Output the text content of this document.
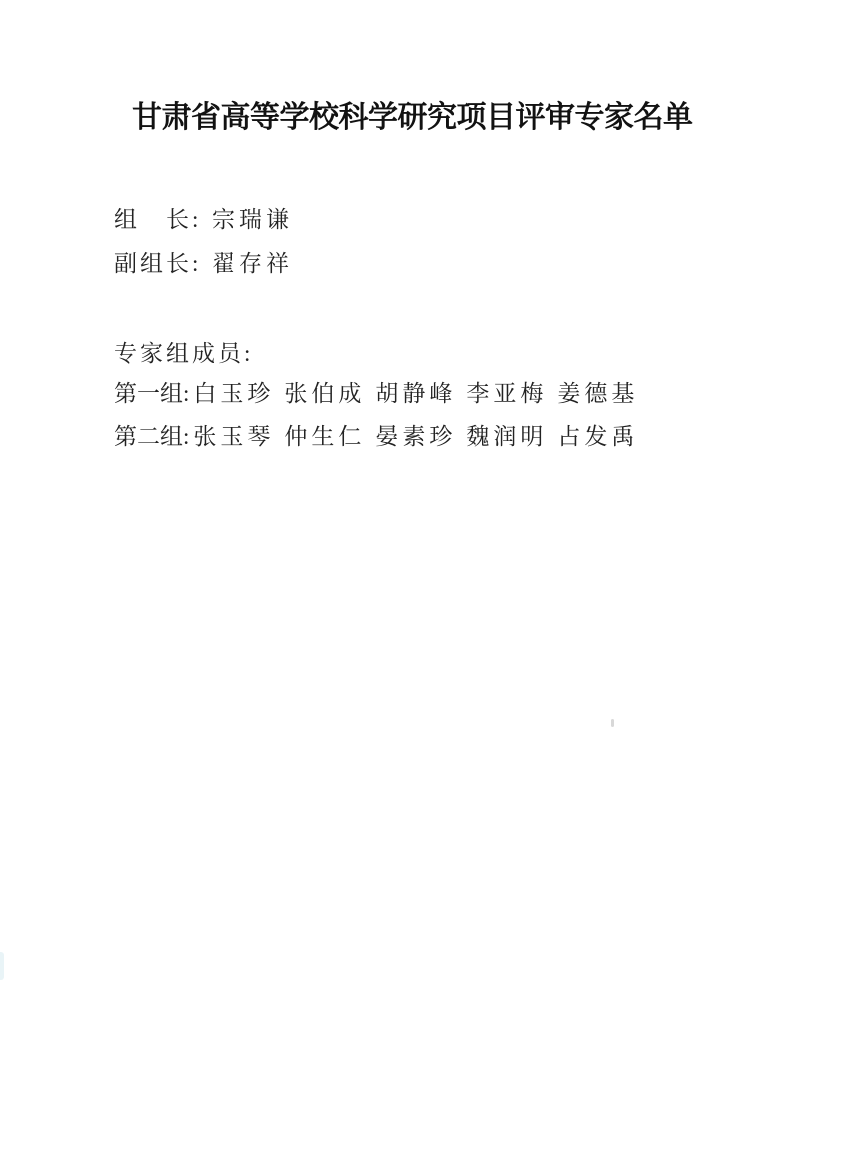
甘肃省高等学校科学研究项目评审专家名单
组　长: 宗瑞谦
副组长: 翟存祥
专家组成员:
第一组: 白玉珍 张伯成 胡静峰 李亚梅 姜德基
第二组: 张玉琴 仲生仁 晏素珍 魏润明 占发禹
